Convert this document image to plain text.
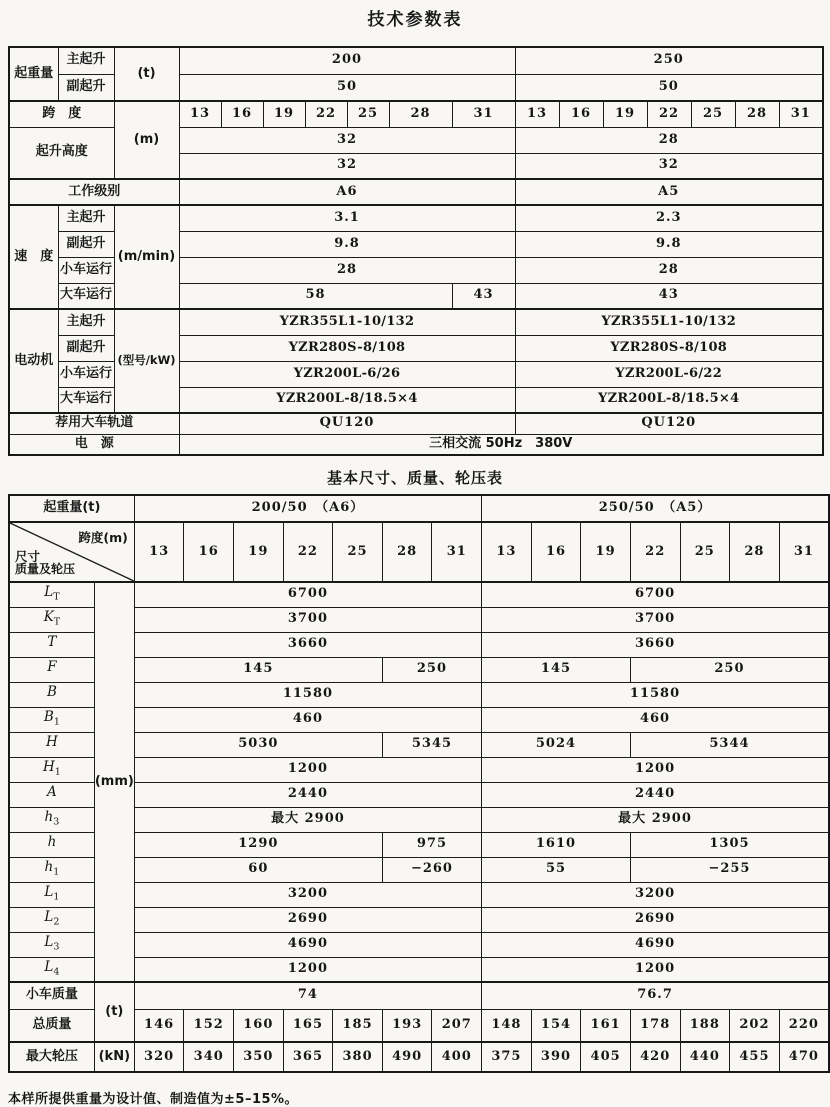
技术参数表
起重量	主起升	(t)	200							250						
	副起升		50							50						
跨　度		(m)	13	16	19	22	25	28	31	13	16	19	22	25	28	31
起升高度			32							28						
			32							32						
工作级别			A6							A5						
速　度	主起升	(m/min)	3.1							2.3						
	副起升		9.8							9.8						
	小车运行		28							28						
	大车运行		58						43	43						
电动机	主起升	(型号/kW)	YZR355L1-10/132							YZR355L1-10/132						
	副起升		YZR280S-8/108							YZR280S-8/108						
	小车运行		YZR200L-6/26							YZR200L-6/22						
	大车运行		YZR200L-8/18.5×4							YZR200L-8/18.5×4						
荐用大车轨道			QU120							QU120						
电　源			三相交流 50Hz　380V													
基本尺寸、质量、轮压表
起重量(t)		200/50　（A6）							250/50　（A5）						

跨度(m)
尺寸
质量及轮压		13	16	19	22	25	28	31	13	16	19	22	25	28	31
$L_T$	(mm)	6700							6700						
$K_T$		3700							3700						
T		3660							3660						
F		145					250		145			250			
B		11580							11580						
$B_1$		460							460						
H		5030					5345		5024			5344			
$H_1$		1200							1200						
A		2440							2440						
$h_3$		最大 2900							最大 2900						
h		1290					975		1610			1305			
$h_1$		60					−260		55			−255			
$L_1$		3200							3200						
$L_2$		2690							2690						
$L_3$		4690							4690						
$L_4$		1200							1200						
小车质量	(t)	74							76.7						
总质量		146	152	160	165	185	193	207	148	154	161	178	188	202	220
最大轮压	(kN)	320	340	350	365	380	490	400	375	390	405	420	440	455	470
本样所提供重量为设计值、制造值为±5–15%。
